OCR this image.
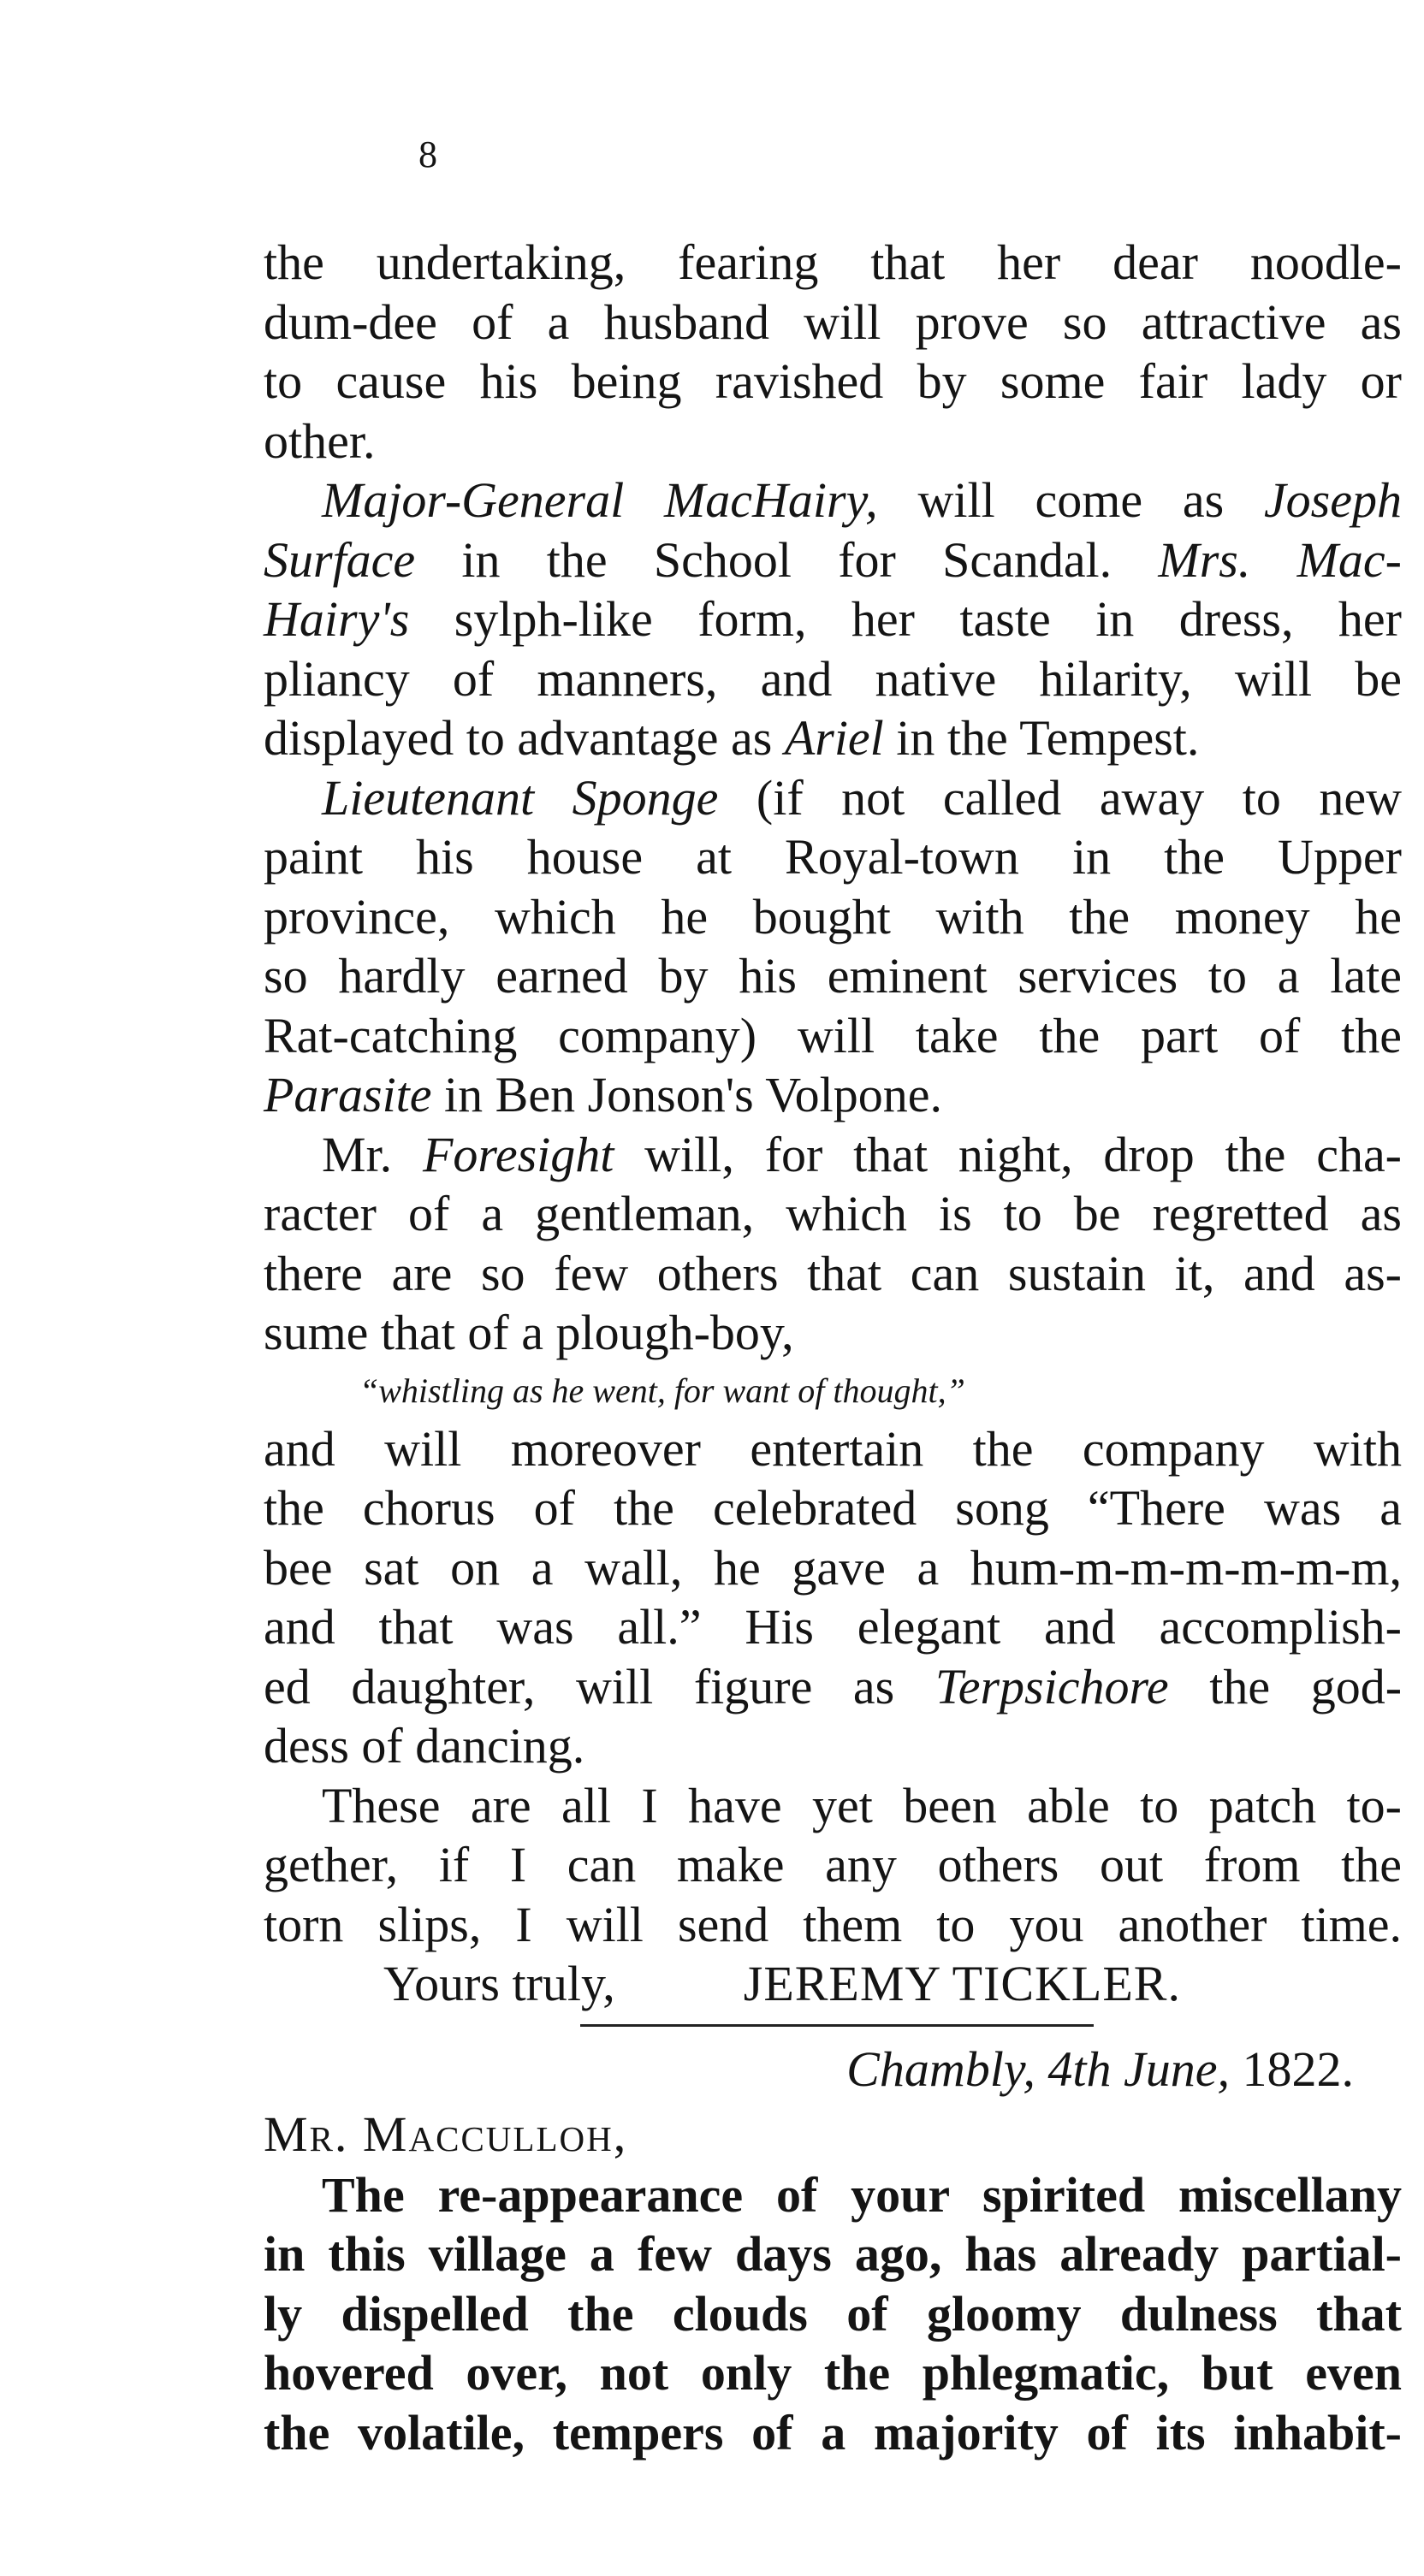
8
the undertaking, fearing that her dear noodle-
dum-dee of a husband will prove so attractive as
to cause his being ravished by some fair lady or
other.
Major-General MacHairy, will come as Joseph
Surface in the School for Scandal. Mrs. Mac-
Hairy's sylph-like form, her taste in dress, her
pliancy of manners, and native hilarity, will be
displayed to advantage as Ariel in the Tempest.
Lieutenant Sponge (if not called away to new
paint his house at Royal-town in the Upper
province, which he bought with the money he
so hardly earned by his eminent services to a late
Rat-catching company) will take the part of the
Parasite in Ben Jonson's Volpone.
Mr. Foresight will, for that night, drop the cha-
racter of a gentleman, which is to be regretted as
there are so few others that can sustain it, and as-
sume that of a plough-boy,
“whistling as he went, for want of thought,”
and will moreover entertain the company with
the chorus of the celebrated song “There was a
bee sat on a wall, he gave a hum-m-m-m-m-m-m,
and that was all.” His elegant and accomplish-
ed daughter, will figure as Terpsichore the god-
dess of dancing.
These are all I have yet been able to patch to-
gether, if I can make any others out from the
torn slips, I will send them to you another time.
Yours truly,	JEREMY TICKLER.
Chambly, 4th June, 1822.
Mr. Macculloh,
The re-appearance of your spirited miscellany
in this village a few days ago, has already partial-
ly dispelled the clouds of gloomy dulness that
hovered over, not only the phlegmatic, but even
the volatile, tempers of a majority of its inhabit-
